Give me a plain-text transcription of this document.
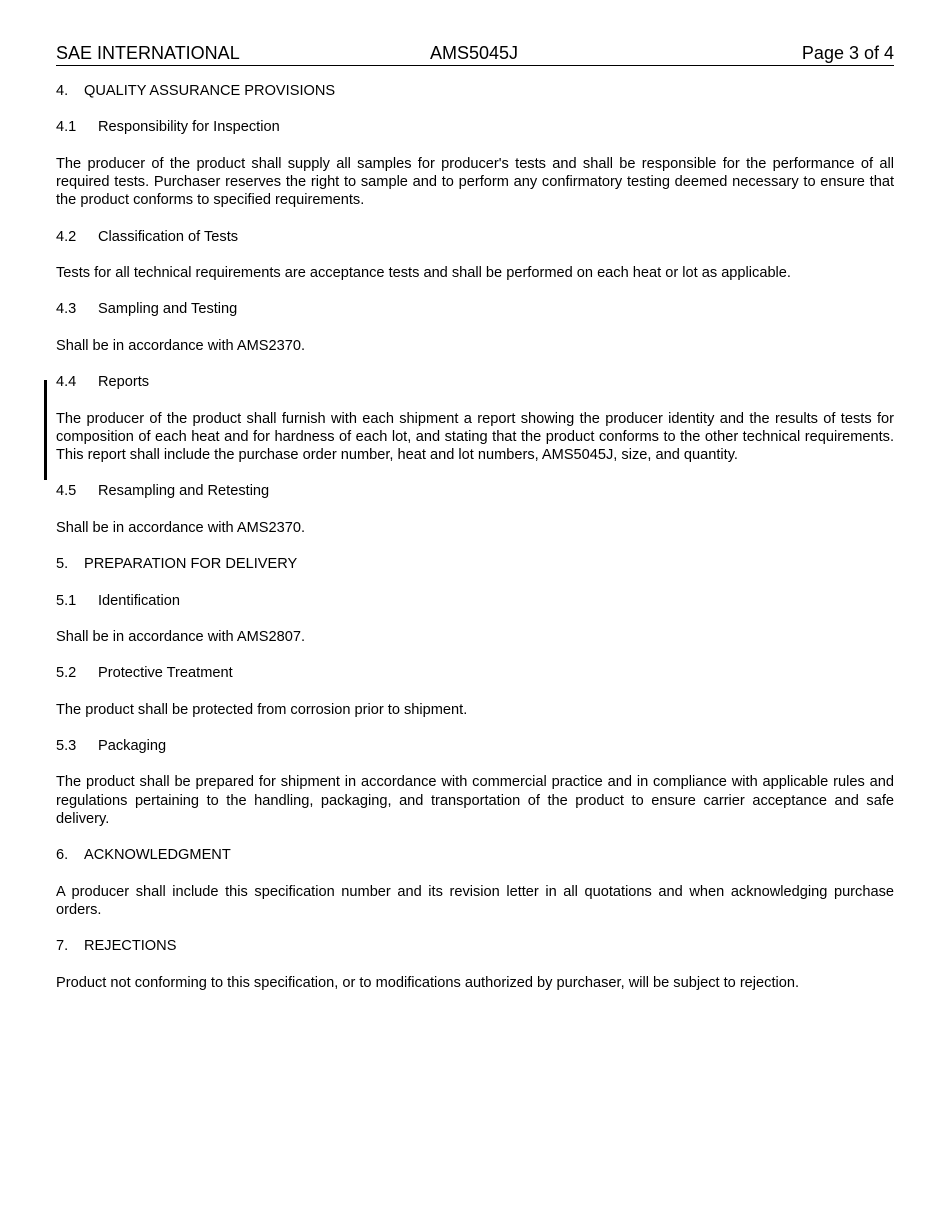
SAE INTERNATIONAL	AMS5045J	Page 3 of 4
4. QUALITY ASSURANCE PROVISIONS
4.1 Responsibility for Inspection

The producer of the product shall supply all samples for producer's tests and shall be responsible for the performance of all required tests. Purchaser reserves the right to sample and to perform any confirmatory testing deemed necessary to ensure that the product conforms to specified requirements.

4.2 Classification of Tests

Tests for all technical requirements are acceptance tests and shall be performed on each heat or lot as applicable.

4.3 Sampling and Testing

Shall be in accordance with AMS2370.

4.4 Reports

The producer of the product shall furnish with each shipment a report showing the producer identity and the results of tests for composition of each heat and for hardness of each lot, and stating that the product conforms to the other technical requirements. This report shall include the purchase order number, heat and lot numbers, AMS5045J, size, and quantity.

4.5 Resampling and Retesting

Shall be in accordance with AMS2370.

5. PREPARATION FOR DELIVERY
5.1 Identification

Shall be in accordance with AMS2807.

5.2 Protective Treatment

The product shall be protected from corrosion prior to shipment.

5.3 Packaging

The product shall be prepared for shipment in accordance with commercial practice and in compliance with applicable rules and regulations pertaining to the handling, packaging, and transportation of the product to ensure carrier acceptance and safe delivery.

6. ACKNOWLEDGMENT

A producer shall include this specification number and its revision letter in all quotations and when acknowledging purchase orders.

7. REJECTIONS

Product not conforming to this specification, or to modifications authorized by purchaser, will be subject to rejection.
